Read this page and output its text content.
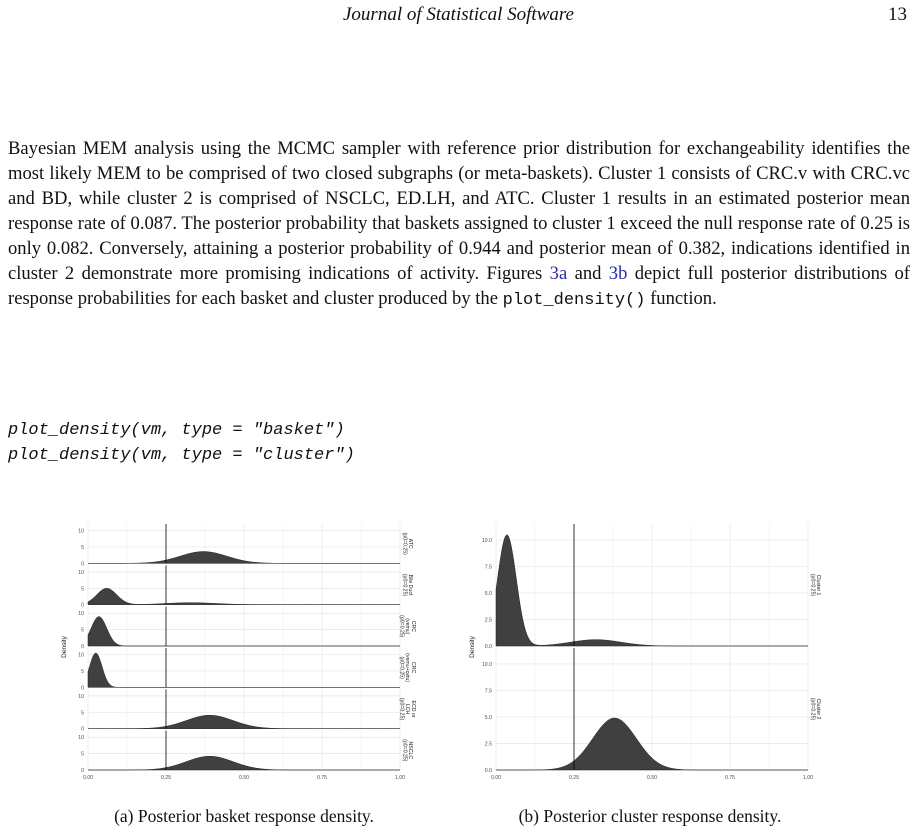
Journal of Statistical Software	13

Bayesian MEM analysis using the MCMC sampler with reference prior distribution for exchangeability identifies the most likely MEM to be comprised of two closed subgraphs (or meta-baskets). Cluster 1 consists of CRC.v with CRC.vc and BD, while cluster 2 is comprised of NSCLC, ED.LH, and ATC. Cluster 1 results in an estimated posterior mean response rate of 0.087. The posterior probability that baskets assigned to cluster 1 exceed the null response rate of 0.25 is only 0.082. Conversely, attaining a posterior probability of 0.944 and posterior mean of 0.382, indications identified in cluster 2 demonstrate more promising indications of activity. Figures 3a and 3b depict full posterior distributions of response probabilities for each basket and cluster produced by the plot_density() function.

plot_density(vm, type = "basket")
plot_density(vm, type = "cluster")
0
5
10
ATC
(p0=0.25)
0
5
10
Bile Duct
(p0=0.25)
0
5
10
CRC
(vemu)
(p0=0.25)
0
5
10
CRC
(vemu+cetu)
(p0=0.25)
0
5
10
ECD or
LCH
(p0=0.25)
0
5
10
NSCLC
(p0=0.25)
0.00	0.25	0.50	0.75	1.00
Density	0.0
2.5
5.0
7.5
10.0
Cluster 1
(p0=0.25)
0.0
2.5
5.0
7.5
10.0
Cluster 2
(p0=0.25)
0.00	0.25	0.50	0.75	1.00
Density
(a) Posterior basket response density.	(b) Posterior cluster response density.
